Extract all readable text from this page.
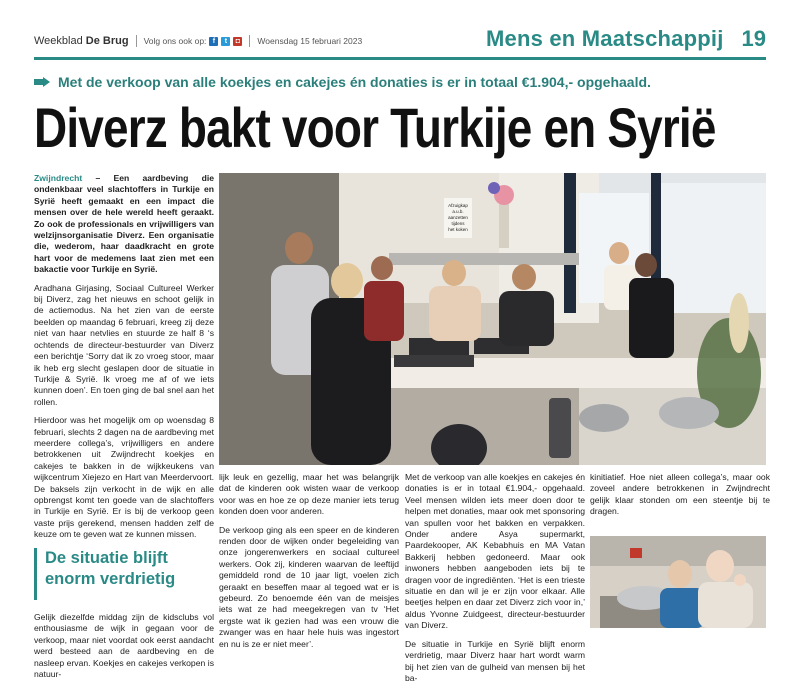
Weekblad De Brug Volg ons ook op: f	t	◘ Woensdag 15 februari 2023	Mens en Maatschappij 19
Met de verkoop van alle koekjes en cakejes én donaties is er in totaal €1.904,- opgehaald.
Diverz bakt voor Turkije en Syrië

Zwijndrecht – Een aardbeving die ondenkbaar veel slachtoffers in Turkije en Syrië heeft gemaakt en een impact die mensen over de hele wereld heeft geraakt. Zo ook de professionals en vrijwilligers van welzijnsorganisatie Diverz. Een organisatie die, wederom, haar daadkracht en grote hart voor de medemens laat zien met een bakactie voor Turkije en Syrië.

Aradhana Girjasing, Sociaal Cultureel Werker bij Diverz, zag het nieuws en schoot gelijk in de actiemodus. Na het zien van de eerste beelden op maandag 6 februari, kreeg zij deze niet van haar netvlies en stuurde ze half 8 ‘s ochtends de directeur-bestuurder van Diverz een berichtje ‘Sorry dat ik zo vroeg stoor, maar ik heb erg slecht geslapen door de situatie in Turkije & Syrië. Ik vroeg me af of we iets kunnen doen’. En toen ging de bal snel aan het rollen.

Hierdoor was het mogelijk om op woensdag 8 februari, slechts 2 dagen na de aardbeving met meerdere collega’s, vrijwilligers en andere betrokkenen uit Zwijndrecht koekjes en cakejes te bakken in de wijkkeukens van wijkcentrum Xiejezo en Hart van Meerdervoort. De baksels zijn verkocht in de wijk en alle opbrengst komt ten goede van de slachtoffers in Turkije en Syrië. Er is bij de verkoop geen vaste prijs gerekend, mensen hadden zelf de keuze om te geven wat ze kunnen missen.

De situatie blijft enorm verdrietig

Gelijk diezelfde middag zijn de kidsclubs vol enthousiasme de wijk in gegaan voor de verkoop, maar niet voordat ook eerst aandacht werd besteed aan de aardbeving en de nasleep ervan. Koekjes en cakejes verkopen is natuur-

Afzuigkap
a.u.b.
aanzetten
tijdens
het koken

lijk leuk en gezellig, maar het was belangrijk dat de kinderen ook wisten waar de verkoop voor was en hoe ze op deze manier iets terug konden doen voor anderen.

De verkoop ging als een speer en de kinderen renden door de wijken onder begeleiding van onze jongerenwerkers en sociaal cultureel werkers. Ook zij, kinderen waarvan de leeftijd gemiddeld rond de 10 jaar ligt, voelen zich geraakt en beseffen maar al tegoed wat er is gebeurd. Zo benoemde één van de meisjes iets wat ze had meegekregen van tv ‘Het ergste wat ik gezien had was een vrouw die zwanger was en haar hele huis was ingestort en nu is ze er niet meer’.

Met de verkoop van alle koekjes en cakejes én donaties is er in totaal €1.904,- opgehaald. Veel mensen wilden iets meer doen door te helpen met donaties, maar ook met sponsoring van spullen voor het bakken en verpakken. Onder andere Asya supermarkt, Paardekooper, AK Kebabhuis en MA Vatan Bakkerij hebben gedoneerd. Maar ook inwoners hebben aangeboden iets bij te dragen voor de ingrediënten. ‘Het is een trieste situatie en dan wil je er zijn voor elkaar. Alle beetjes helpen en daar zet Diverz zich voor in,’ aldus Yvonne Zuidgeest, directeur-bestuurder van Diverz.

De situatie in Turkije en Syrië blijft enorm verdrietig, maar Diverz haar hart wordt warm bij het zien van de gulheid van mensen bij het ba-

kinitiatief. Hoe niet alleen collega’s, maar ook zoveel andere betrokkenen in Zwijndrecht gelijk klaar stonden om een steentje bij te dragen.
